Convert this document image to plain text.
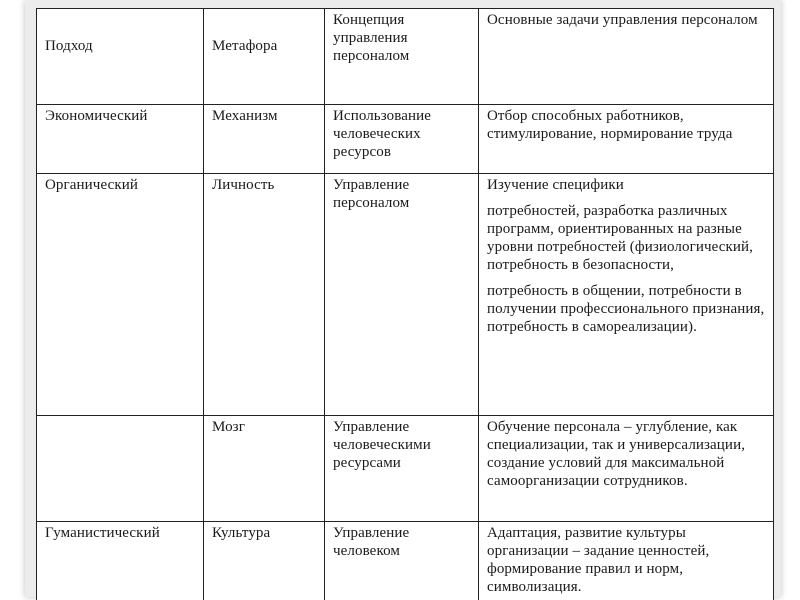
Подход	Метафора	Концепция управления персоналом	Основные задачи управления персоналом
Экономический	Механизм	Использование человеческих ресурсов	Отбор способных работников, стимулирование, нормирование труда

Органический	Личность	Управление персоналом	Изучение специфики
потребностей, разработка различных программ, ориентированных на разные уровни потребностей (физиологический, потребность в безопасности,
потребность в общении, потребности в получении профессионального признания, потребность в самореализации).

	Мозг	Управление человеческими ресурсами	Обучение персонала – углубление, как специализации, так и универсализации, создание условий для максимальной самоорганизации сотрудников.

Гуманистический	Культура	Управление человеком	Адаптация, развитие культуры организации – задание ценностей, формирование правил и норм, символизация.
